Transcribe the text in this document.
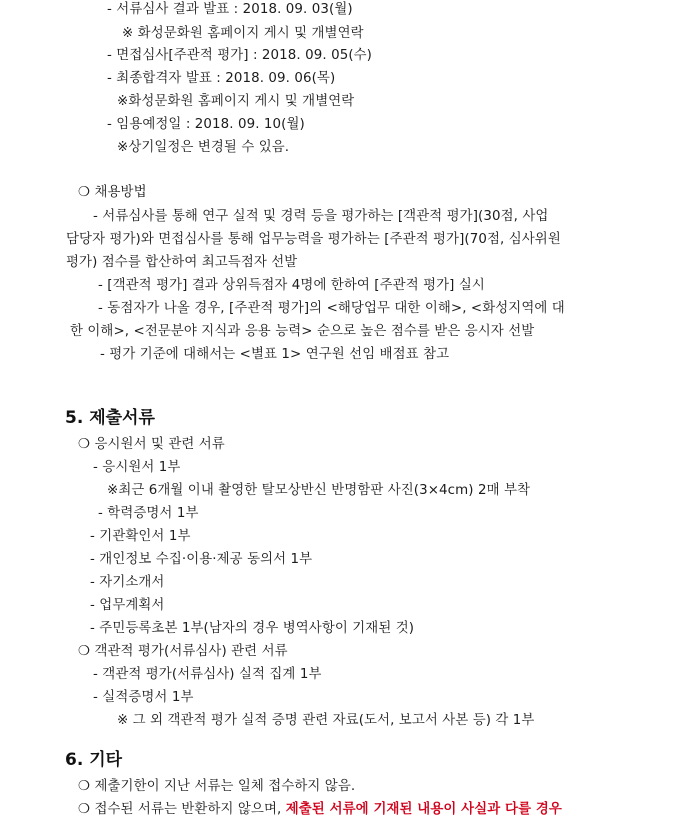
- 서류심사 결과 발표 : 2018. 09. 03(월)
※ 화성문화원 홈페이지 게시 및 개별연락
- 면접심사[주관적 평가] : 2018. 09. 05(수)
- 최종합격자 발표 : 2018. 09. 06(목)
※화성문화원 홈페이지 게시 및 개별연락
- 임용예정일 : 2018. 09. 10(월)
※상기일정은 변경될 수 있음.
❍ 채용방법
- 서류심사를 통해 연구 실적 및 경력 등을 평가하는 [객관적 평가](30점, 사업
담당자 평가)와 면접심사를 통해 업무능력을 평가하는 [주관적 평가](70점, 심사위원
평가) 점수를 합산하여 최고득점자 선발
- [객관적 평가] 결과 상위득점자 4명에 한하여 [주관적 평가] 실시
- 동점자가 나올 경우, [주관적 평가]의 <해당업무 대한 이해>, <화성지역에 대
한 이해>, <전문분야 지식과 응용 능력> 순으로 높은 점수를 받은 응시자 선발
- 평가 기준에 대해서는 <별표 1> 연구원 선임 배점표 참고
5. 제출서류
❍ 응시원서 및 관련 서류
- 응시원서 1부
※최근 6개월 이내 촬영한 탈모상반신 반명함판 사진(3×4cm) 2매 부착
- 학력증명서 1부
- 기관확인서 1부
- 개인정보 수집·이용·제공 동의서 1부
- 자기소개서
- 업무계획서
- 주민등록초본 1부(남자의 경우 병역사항이 기재된 것)
❍ 객관적 평가(서류심사) 관련 서류
- 객관적 평가(서류심사) 실적 집계 1부
- 실적증명서 1부
※ 그 외 객관적 평가 실적 증명 관련 자료(도서, 보고서 사본 등) 각 1부
6. 기타
❍ 제출기한이 지난 서류는 일체 접수하지 않음.
❍ 접수된 서류는 반환하지 않으며, 제출된 서류에 기재된 내용이 사실과 다를 경우
